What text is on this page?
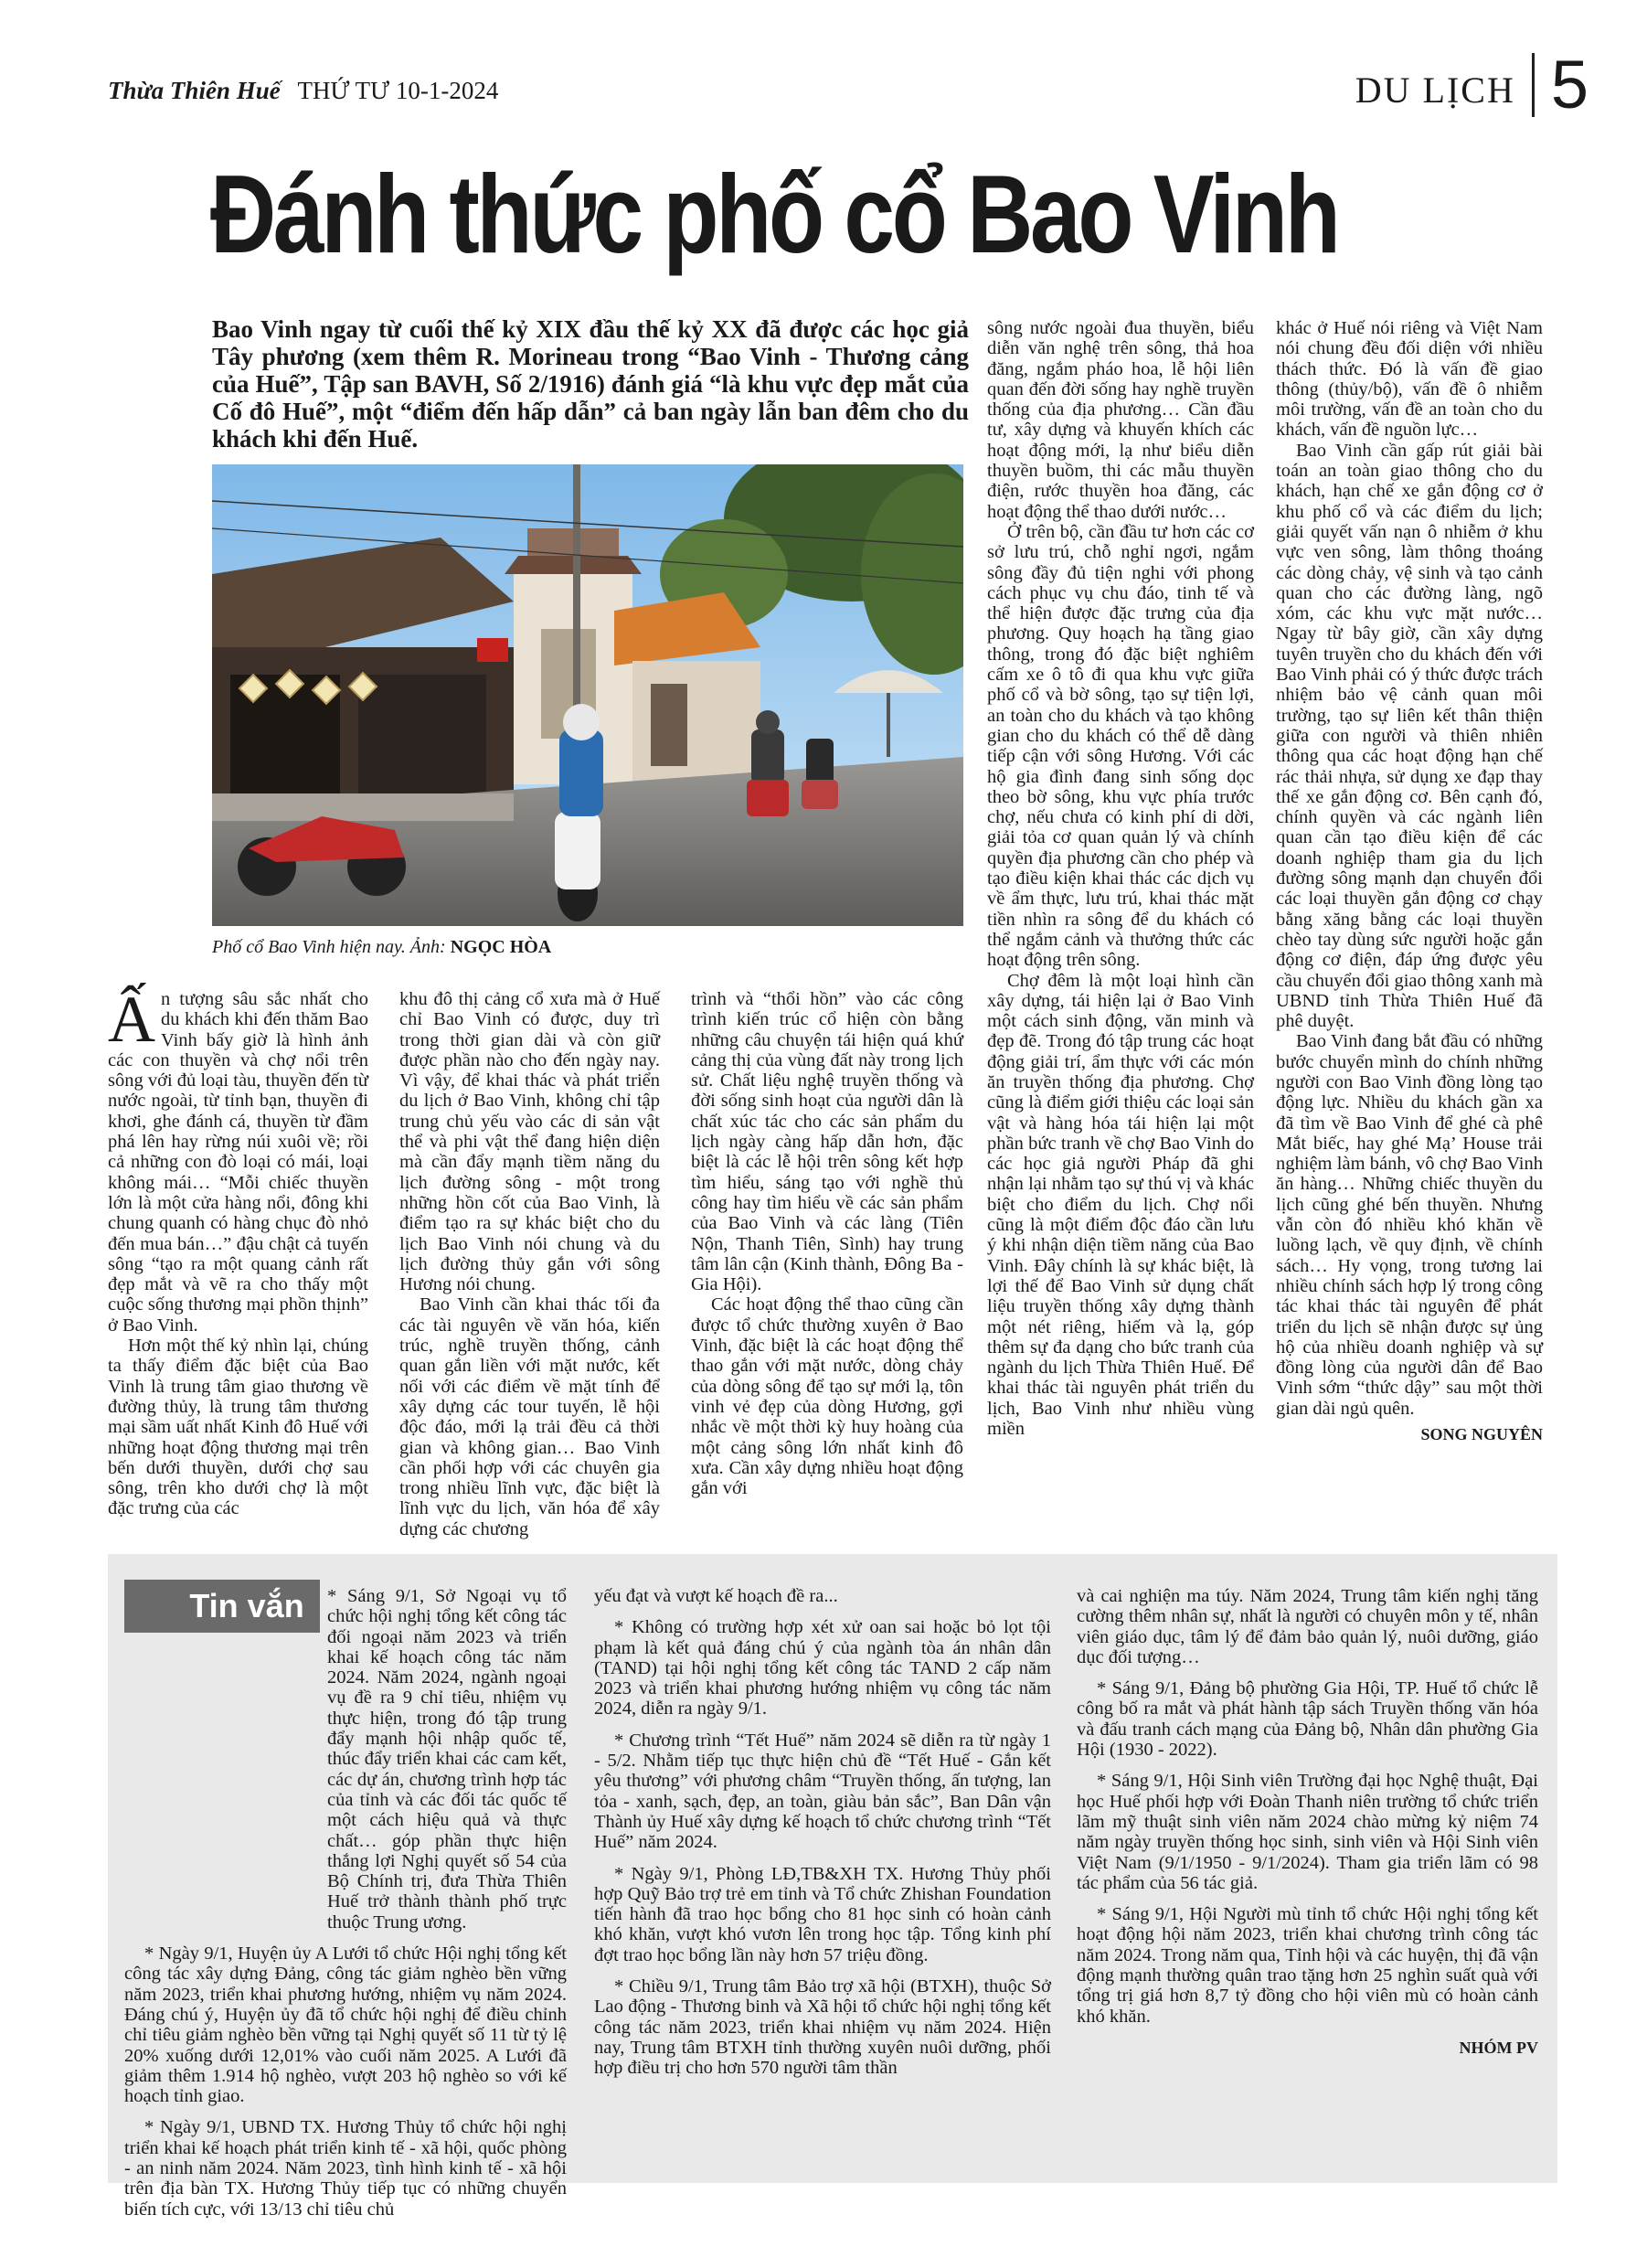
Thừa Thiên Huế THỨ TƯ 10-1-2024	DU LỊCH 5
Đánh thức phố cổ Bao Vinh
Bao Vinh ngay từ cuối thế kỷ XIX đầu thế kỷ XX đã được các học giả Tây phương (xem thêm R. Morineau trong “Bao Vinh - Thương cảng của Huế”, Tập san BAVH, Số 2/1916) đánh giá “là khu vực đẹp mắt của Cố đô Huế”, một “điểm đến hấp dẫn” cả ban ngày lẫn ban đêm cho du khách khi đến Huế.
Phố cổ Bao Vinh hiện nay. Ảnh: NGỌC HÒA

Ấn tượng sâu sắc nhất cho du khách khi đến thăm Bao Vinh bấy giờ là hình ảnh các con thuyền và chợ nổi trên sông với đủ loại tàu, thuyền đến từ nước ngoài, từ tỉnh bạn, thuyền đi khơi, ghe đánh cá, thuyền từ đầm phá lên hay rừng núi xuôi về; rồi cả những con đò loại có mái, loại không mái… “Mỗi chiếc thuyền lớn là một cửa hàng nổi, đông khi chung quanh có hàng chục đò nhỏ đến mua bán…” đậu chật cả tuyến sông “tạo ra một quang cảnh rất đẹp mắt và vẽ ra cho thấy một cuộc sống thương mại phồn thịnh” ở Bao Vinh.

Hơn một thế kỷ nhìn lại, chúng ta thấy điểm đặc biệt của Bao Vinh là trung tâm giao thương về đường thủy, là trung tâm thương mại sầm uất nhất Kinh đô Huế với những hoạt động thương mại trên bến dưới thuyền, dưới chợ sau sông, trên kho dưới chợ là một đặc trưng của các

khu đô thị cảng cổ xưa mà ở Huế chỉ Bao Vinh có được, duy trì trong thời gian dài và còn giữ được phần nào cho đến ngày nay. Vì vậy, để khai thác và phát triển du lịch ở Bao Vinh, không chỉ tập trung chủ yếu vào các di sản vật thể và phi vật thể đang hiện diện mà cần đẩy mạnh tiềm năng du lịch đường sông - một trong những hồn cốt của Bao Vinh, là điểm tạo ra sự khác biệt cho du lịch Bao Vinh nói chung và du lịch đường thủy gắn với sông Hương nói chung.

Bao Vinh cần khai thác tối đa các tài nguyên về văn hóa, kiến trúc, nghề truyền thống, cảnh quan gắn liền với mặt nước, kết nối với các điểm về mặt tính để xây dựng các tour tuyến, lễ hội độc đáo, mới lạ trải đều cả thời gian và không gian… Bao Vinh cần phối hợp với các chuyên gia trong nhiều lĩnh vực, đặc biệt là lĩnh vực du lịch, văn hóa để xây dựng các chương

trình và “thổi hồn” vào các công trình kiến trúc cổ hiện còn bằng những câu chuyện tái hiện quá khứ cảng thị của vùng đất này trong lịch sử. Chất liệu nghệ truyền thống và đời sống sinh hoạt của người dân là chất xúc tác cho các sản phẩm du lịch ngày càng hấp dẫn hơn, đặc biệt là các lễ hội trên sông kết hợp tìm hiểu, sáng tạo với nghề thủ công hay tìm hiểu về các sản phẩm của Bao Vinh và các làng (Tiên Nộn, Thanh Tiên, Sình) hay trung tâm lân cận (Kinh thành, Đông Ba - Gia Hội).

Các hoạt động thể thao cũng cần được tổ chức thường xuyên ở Bao Vinh, đặc biệt là các hoạt động thể thao gắn với mặt nước, dòng chảy của dòng sông để tạo sự mới lạ, tôn vinh vẻ đẹp của dòng Hương, gợi nhắc về một thời kỳ huy hoàng của một cảng sông lớn nhất kinh đô xưa. Cần xây dựng nhiều hoạt động gắn với

sông nước ngoài đua thuyền, biểu diễn văn nghệ trên sông, thả hoa đăng, ngắm pháo hoa, lễ hội liên quan đến đời sống hay nghề truyền thống của địa phương… Cần đầu tư, xây dựng và khuyến khích các hoạt động mới, lạ như biểu diễn thuyền buồm, thi các mẫu thuyền điện, rước thuyền hoa đăng, các hoạt động thể thao dưới nước…

Ở trên bộ, cần đầu tư hơn các cơ sở lưu trú, chỗ nghỉ ngơi, ngắm sông đầy đủ tiện nghi với phong cách phục vụ chu đáo, tinh tế và thể hiện được đặc trưng của địa phương. Quy hoạch hạ tầng giao thông, trong đó đặc biệt nghiêm cấm xe ô tô đi qua khu vực giữa phố cổ và bờ sông, tạo sự tiện lợi, an toàn cho du khách và tạo không gian cho du khách có thể dễ dàng tiếp cận với sông Hương. Với các hộ gia đình đang sinh sống dọc theo bờ sông, khu vực phía trước chợ, nếu chưa có kinh phí di dời, giải tỏa cơ quan quản lý và chính quyền địa phương cần cho phép và tạo điều kiện khai thác các dịch vụ về ẩm thực, lưu trú, khai thác mặt tiền nhìn ra sông để du khách có thể ngắm cảnh và thưởng thức các hoạt động trên sông.

Chợ đêm là một loại hình cần xây dựng, tái hiện lại ở Bao Vinh một cách sinh động, văn minh và đẹp đẽ. Trong đó tập trung các hoạt động giải trí, ẩm thực với các món ăn truyền thống địa phương. Chợ cũng là điểm giới thiệu các loại sản vật và hàng hóa tái hiện lại một phần bức tranh về chợ Bao Vinh do các học giả người Pháp đã ghi nhận lại nhằm tạo sự thú vị và khác biệt cho điểm du lịch. Chợ nổi cũng là một điểm độc đáo cần lưu ý khi nhận diện tiềm năng của Bao Vinh. Đây chính là sự khác biệt, là lợi thế để Bao Vinh sử dụng chất liệu truyền thống xây dựng thành một nét riêng, hiếm và lạ, góp thêm sự đa dạng cho bức tranh của ngành du lịch Thừa Thiên Huế. Để khai thác tài nguyên phát triển du lịch, Bao Vinh như nhiều vùng miền

khác ở Huế nói riêng và Việt Nam nói chung đều đối diện với nhiều thách thức. Đó là vấn đề giao thông (thủy/bộ), vấn đề ô nhiễm môi trường, vấn đề an toàn cho du khách, vấn đề nguồn lực…

Bao Vinh cần gấp rút giải bài toán an toàn giao thông cho du khách, hạn chế xe gắn động cơ ở khu phố cổ và các điểm du lịch; giải quyết vấn nạn ô nhiễm ở khu vực ven sông, làm thông thoáng các dòng chảy, vệ sinh và tạo cảnh quan cho các đường làng, ngõ xóm, các khu vực mặt nước… Ngay từ bây giờ, cần xây dựng tuyên truyền cho du khách đến với Bao Vinh phải có ý thức được trách nhiệm bảo vệ cảnh quan môi trường, tạo sự liên kết thân thiện giữa con người và thiên nhiên thông qua các hoạt động hạn chế rác thải nhựa, sử dụng xe đạp thay thế xe gắn động cơ. Bên cạnh đó, chính quyền và các ngành liên quan cần tạo điều kiện để các doanh nghiệp tham gia du lịch đường sông mạnh dạn chuyển đổi các loại thuyền gắn động cơ chạy bằng xăng bằng các loại thuyền chèo tay dùng sức người hoặc gắn động cơ điện, đáp ứng được yêu cầu chuyển đổi giao thông xanh mà UBND tỉnh Thừa Thiên Huế đã phê duyệt.

Bao Vinh đang bắt đầu có những bước chuyển mình do chính những người con Bao Vinh đồng lòng tạo động lực. Nhiều du khách gần xa đã tìm về Bao Vinh để ghé cà phê Mắt biếc, hay ghé Mạ’ House trải nghiệm làm bánh, vô chợ Bao Vinh ăn hàng… Những chiếc thuyền du lịch cũng ghé bến thuyền. Nhưng vẫn còn đó nhiều khó khăn về luồng lạch, về quy định, về chính sách… Hy vọng, trong tương lai nhiều chính sách hợp lý trong công tác khai thác tài nguyên để phát triển du lịch sẽ nhận được sự ủng hộ của nhiều doanh nghiệp và sự đồng lòng của người dân để Bao Vinh sớm “thức dậy” sau một thời gian dài ngủ quên.

SONG NGUYÊN
Tin vắn	* Sáng 9/1, Sở Ngoại vụ tổ chức hội nghị tổng kết công tác đối ngoại năm 2023 và triển khai kế hoạch công tác năm 2024. Năm 2024, ngành ngoại vụ đề ra 9 chỉ tiêu, nhiệm vụ thực hiện, trong đó tập trung đẩy mạnh hội nhập quốc tế, thúc đẩy triển khai các cam kết, các dự án, chương trình hợp tác của tỉnh và các đối tác quốc tế một cách hiệu quả và thực chất… góp phần thực hiện thắng lợi Nghị quyết số 54 của Bộ Chính trị, đưa Thừa Thiên Huế trở thành thành phố trực thuộc Trung ương.

* Ngày 9/1, Huyện ủy A Lưới tổ chức Hội nghị tổng kết công tác xây dựng Đảng, công tác giảm nghèo bền vững năm 2023, triển khai phương hướng, nhiệm vụ năm 2024. Đáng chú ý, Huyện ủy đã tổ chức hội nghị để điều chỉnh chỉ tiêu giảm nghèo bền vững tại Nghị quyết số 11 từ tỷ lệ 20% xuống dưới 12,01% vào cuối năm 2025. A Lưới đã giảm thêm 1.914 hộ nghèo, vượt 203 hộ nghèo so với kế hoạch tỉnh giao.

* Ngày 9/1, UBND TX. Hương Thủy tổ chức hội nghị triển khai kế hoạch phát triển kinh tế - xã hội, quốc phòng - an ninh năm 2024. Năm 2023, tình hình kinh tế - xã hội trên địa bàn TX. Hương Thủy tiếp tục có những chuyển biến tích cực, với 13/13 chỉ tiêu chủ

yếu đạt và vượt kế hoạch đề ra...

* Không có trường hợp xét xử oan sai hoặc bỏ lọt tội phạm là kết quả đáng chú ý của ngành tòa án nhân dân (TAND) tại hội nghị tổng kết công tác TAND 2 cấp năm 2023 và triển khai phương hướng nhiệm vụ công tác năm 2024, diễn ra ngày 9/1.

* Chương trình “Tết Huế” năm 2024 sẽ diễn ra từ ngày 1 - 5/2. Nhằm tiếp tục thực hiện chủ đề “Tết Huế - Gắn kết yêu thương” với phương châm “Truyền thống, ấn tượng, lan tỏa - xanh, sạch, đẹp, an toàn, giàu bản sắc”, Ban Dân vận Thành ủy Huế xây dựng kế hoạch tổ chức chương trình “Tết Huế” năm 2024.

* Ngày 9/1, Phòng LĐ,TB&XH TX. Hương Thủy phối hợp Quỹ Bảo trợ trẻ em tỉnh và Tổ chức Zhishan Foundation tiến hành đã trao học bổng cho 81 học sinh có hoàn cảnh khó khăn, vượt khó vươn lên trong học tập. Tổng kinh phí đợt trao học bổng lần này hơn 57 triệu đồng.

* Chiều 9/1, Trung tâm Bảo trợ xã hội (BTXH), thuộc Sở Lao động - Thương binh và Xã hội tổ chức hội nghị tổng kết công tác năm 2023, triển khai nhiệm vụ năm 2024. Hiện nay, Trung tâm BTXH tỉnh thường xuyên nuôi dưỡng, phối hợp điều trị cho hơn 570 người tâm thần

và cai nghiện ma túy. Năm 2024, Trung tâm kiến nghị tăng cường thêm nhân sự, nhất là người có chuyên môn y tế, nhân viên giáo dục, tâm lý để đảm bảo quản lý, nuôi dưỡng, giáo dục đối tượng…

* Sáng 9/1, Đảng bộ phường Gia Hội, TP. Huế tổ chức lễ công bố ra mắt và phát hành tập sách Truyền thống văn hóa và đấu tranh cách mạng của Đảng bộ, Nhân dân phường Gia Hội (1930 - 2022).

* Sáng 9/1, Hội Sinh viên Trường đại học Nghệ thuật, Đại học Huế phối hợp với Đoàn Thanh niên trường tổ chức triển lãm mỹ thuật sinh viên năm 2024 chào mừng kỷ niệm 74 năm ngày truyền thống học sinh, sinh viên và Hội Sinh viên Việt Nam (9/1/1950 - 9/1/2024). Tham gia triển lãm có 98 tác phẩm của 56 tác giả.

* Sáng 9/1, Hội Người mù tỉnh tổ chức Hội nghị tổng kết hoạt động hội năm 2023, triển khai chương trình công tác năm 2024. Trong năm qua, Tỉnh hội và các huyện, thị đã vận động mạnh thường quân trao tặng hơn 25 nghìn suất quà với tổng trị giá hơn 8,7 tỷ đồng cho hội viên mù có hoàn cảnh khó khăn.

NHÓM PV
